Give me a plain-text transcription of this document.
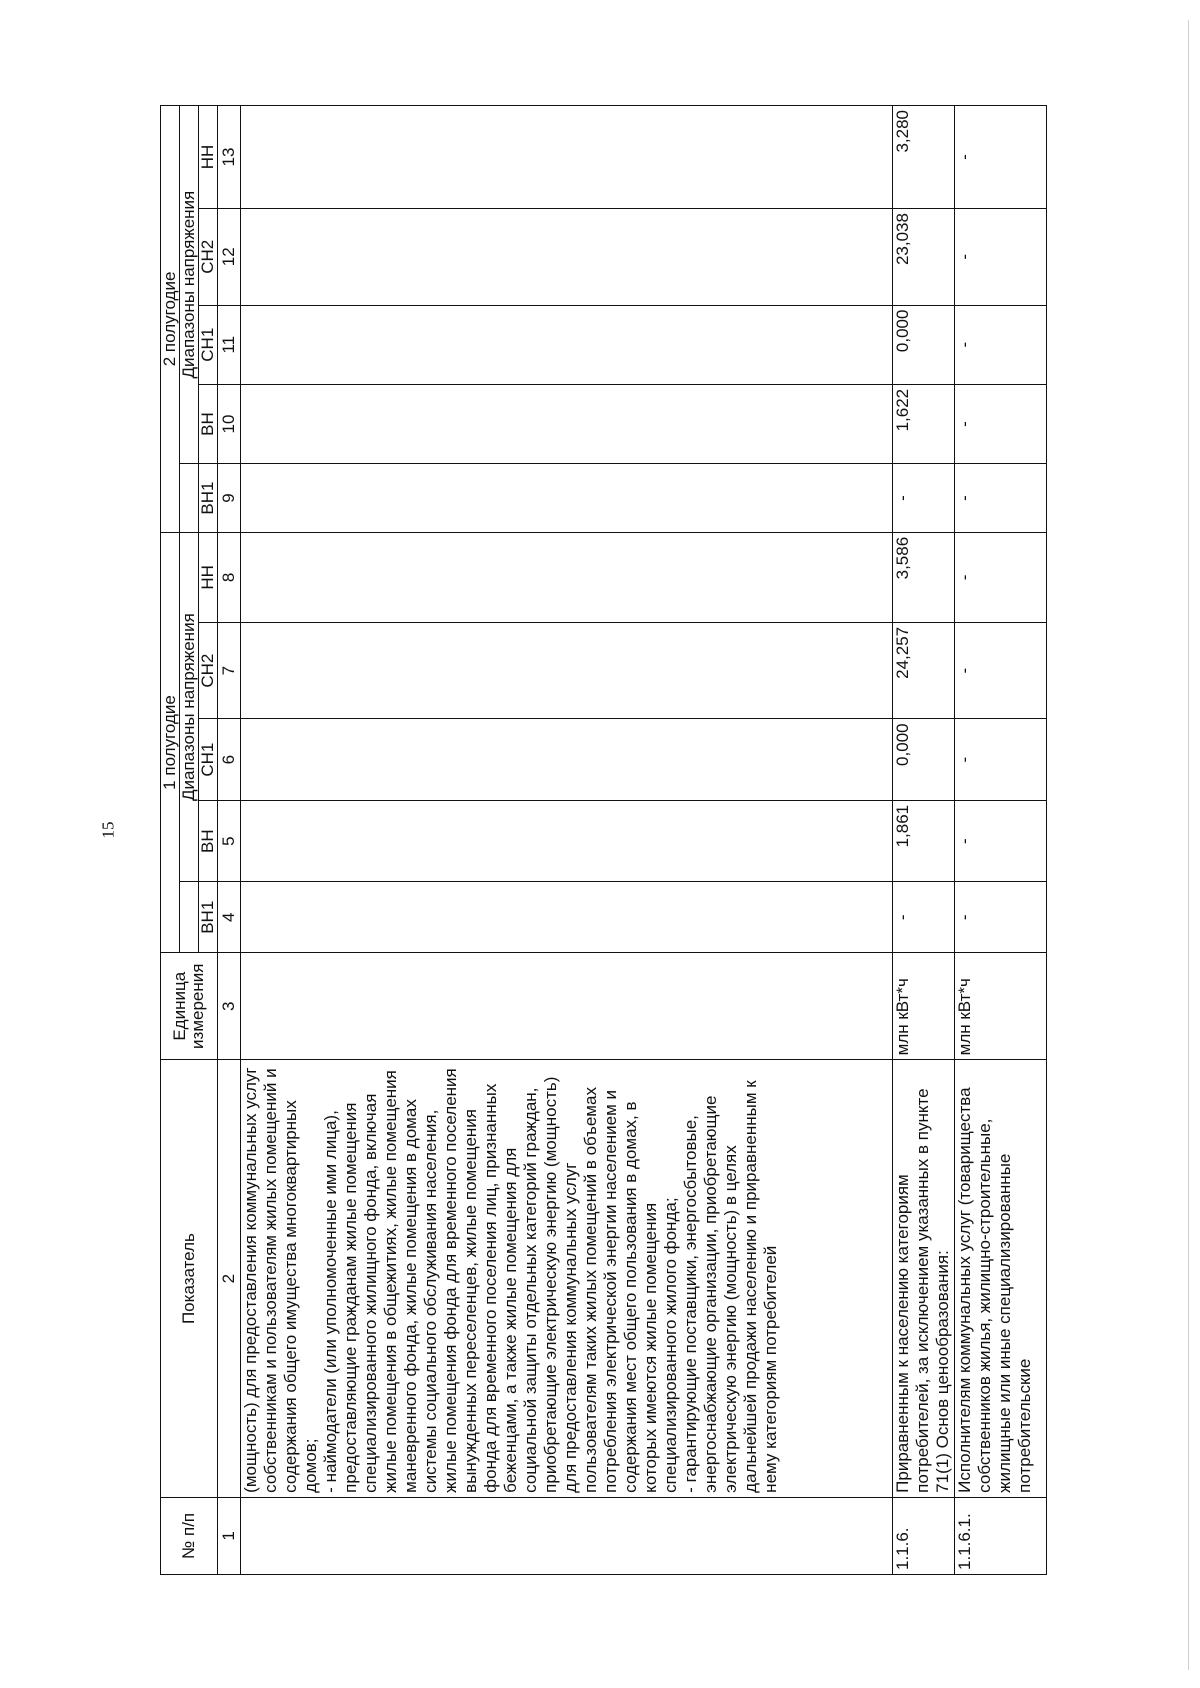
15
№ п/п	Показатель	Единица измерения	1 полугодие					2 полугодие				
				Диапазоны напряжения					Диапазоны напряжения			
			ВН1	ВН	СН1	СН2	НН	ВН1	ВН	СН1	СН2	НН
1	2	3	4	5	6	7	8	9	10	11	12	13
	(мощность) для предоставления коммунальных услуг собственникам и пользователям жилых помещений и содержания общего имущества многоквартирных домов;
- наймодатели (или уполномоченные ими лица), предоставляющие гражданам жилые помещения специализированного жилищного фонда, включая жилые помещения в общежитиях, жилые помещения маневренного фонда, жилые помещения в домах системы социального обслуживания населения, жилые помещения фонда для временного поселения вынужденных переселенцев, жилые помещения фонда для временного поселения лиц, признанных беженцами, а также жилые помещения для социальной защиты отдельных категорий граждан, приобретающие электрическую энергию (мощность) для предоставления коммунальных услуг пользователям таких жилых помещений в объемах потребления электрической энергии населением и содержания мест общего пользования в домах, в которых имеются жилые помещения специализированного жилого фонда;
- гарантирующие поставщики, энергосбытовые, энергоснабжающие организации, приобретающие электрическую энергию (мощность) в целях дальнейшей продажи населению и приравненным к нему категориям потребителей											
1.1.6.	Приравненным к населению категориям потребителей, за исключением указанных в пункте 71(1) Основ ценообразования:	млн кВт*ч	-	1,861	0,000	24,257	3,586	-	1,622	0,000	23,038	3,280
1.1.6.1.	Исполнителям коммунальных услуг (товарищества собственников жилья, жилищно-строительные, жилищные или иные специализированные потребительские	млн кВт*ч	-	-	-	-	-	-	-	-	-	-
